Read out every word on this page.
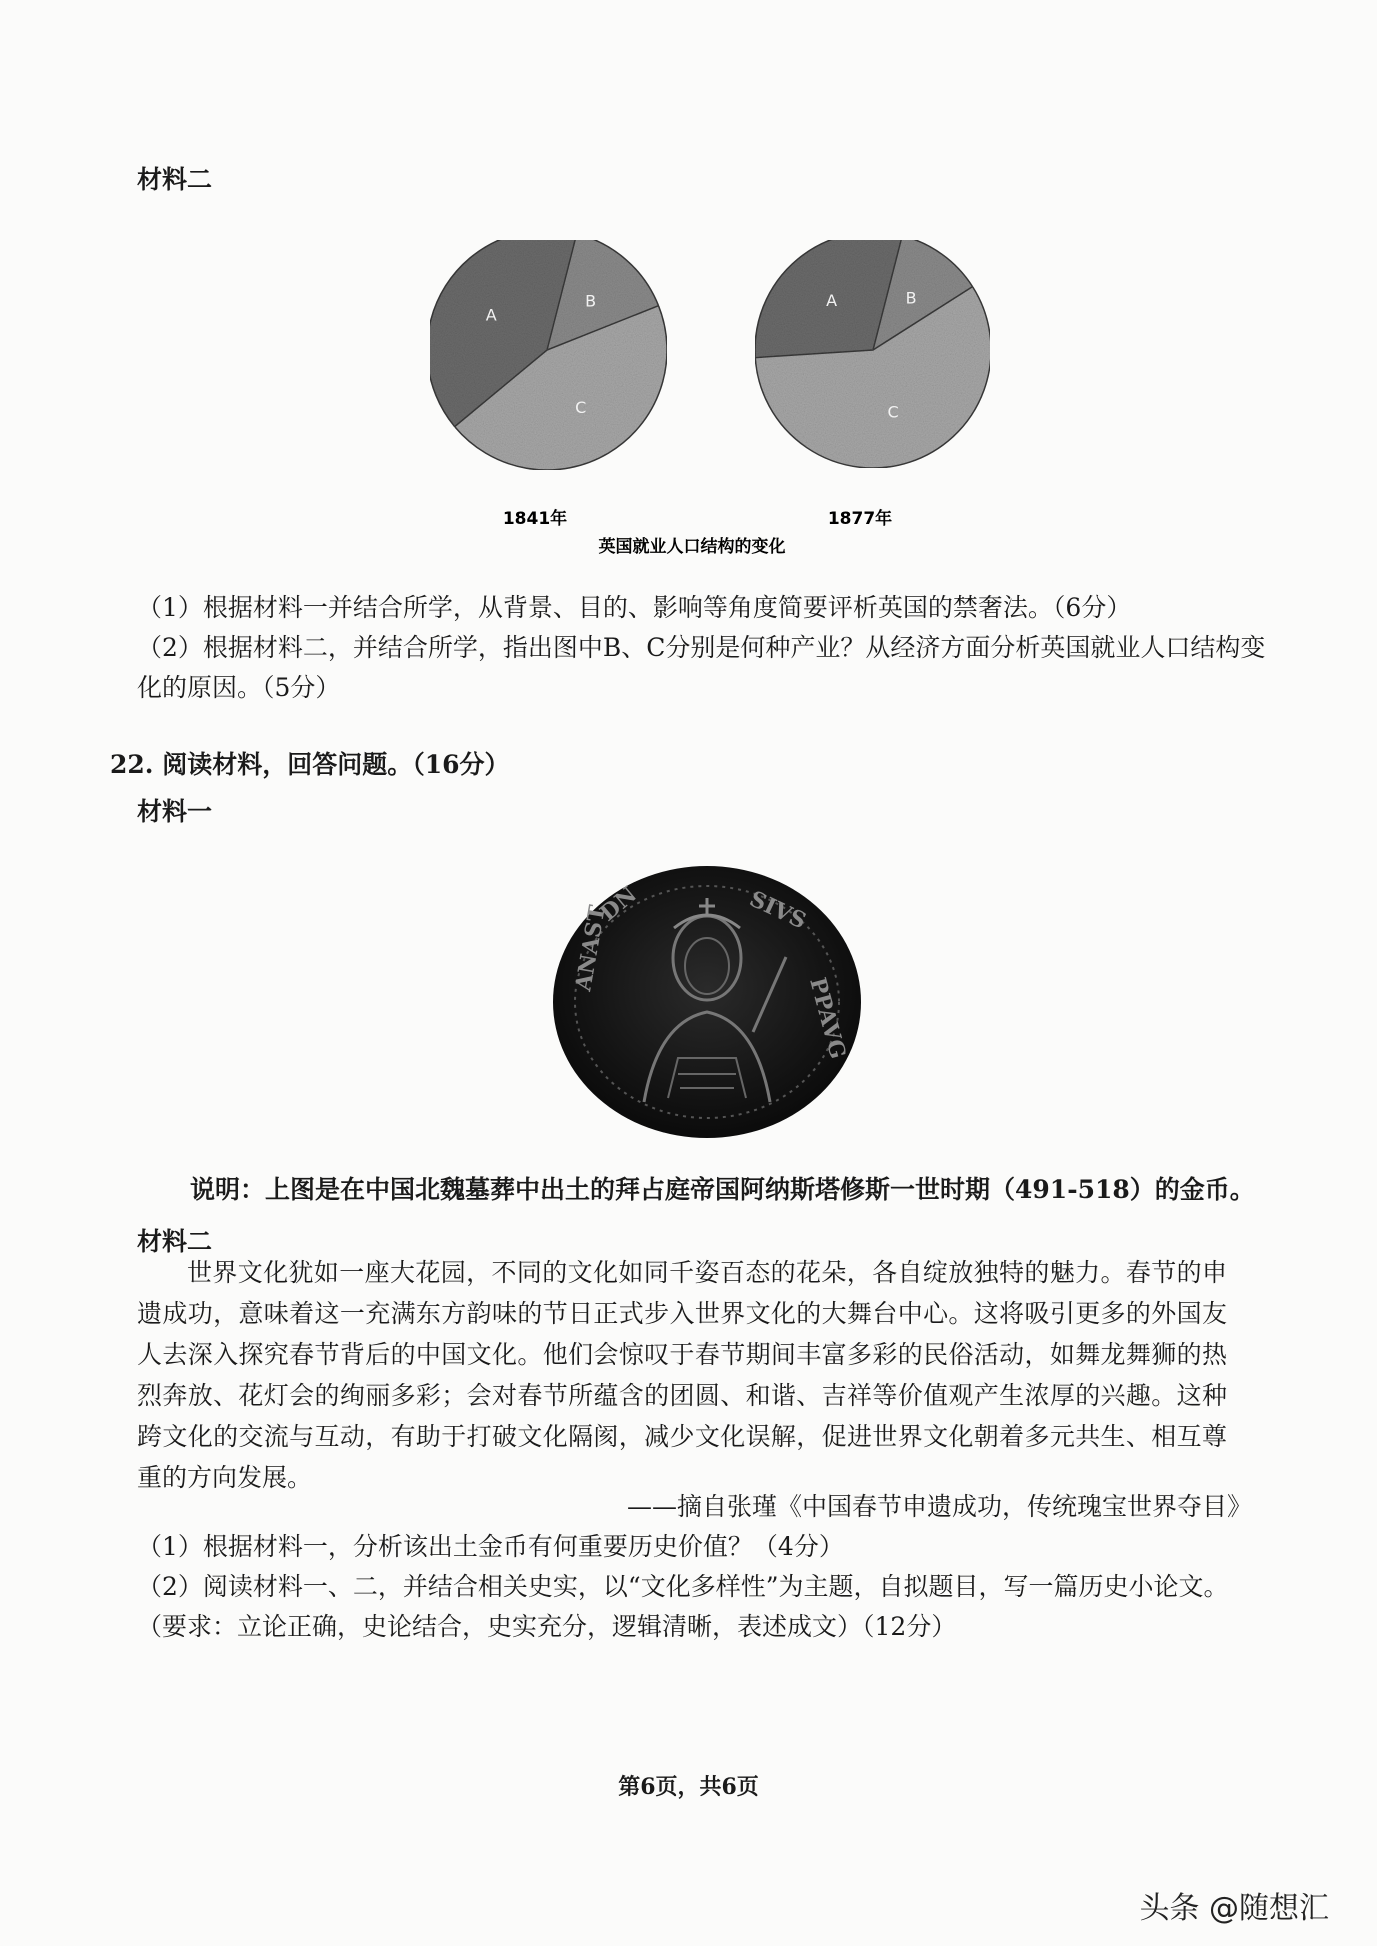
材料二
A
B
C
A	B
C
1841年	1877年
英国就业人口结构的变化
（1）根据材料一并结合所学，从背景、目的、影响等角度简要评析英国的禁奢法。（6分）
（2）根据材料二，并结合所学，指出图中B、C分别是何种产业？从经济方面分析英国就业人口结构变化的原因。（5分）
22. 阅读材料，回答问题。（16分）
材料一
DN
ANAST	SIVS
PPAVG
说明：上图是在中国北魏墓葬中出土的拜占庭帝国阿纳斯塔修斯一世时期（491-518）的金币。
材料二
世界文化犹如一座大花园，不同的文化如同千姿百态的花朵，各自绽放独特的魅力。春节的申遗成功，意味着这一充满东方韵味的节日正式步入世界文化的大舞台中心。这将吸引更多的外国友人去深入探究春节背后的中国文化。他们会惊叹于春节期间丰富多彩的民俗活动，如舞龙舞狮的热烈奔放、花灯会的绚丽多彩；会对春节所蕴含的团圆、和谐、吉祥等价值观产生浓厚的兴趣。这种跨文化的交流与互动，有助于打破文化隔阂，减少文化误解，促进世界文化朝着多元共生、相互尊重的方向发展。
——摘自张瑾《中国春节申遗成功，传统瑰宝世界夺目》
（1）根据材料一，分析该出土金币有何重要历史价值？（4分）
（2）阅读材料一、二，并结合相关史实，以“文化多样性”为主题，自拟题目，写一篇历史小论文。（要求：立论正确，史论结合，史实充分，逻辑清晰，表述成文）（12分）
第6页，共6页
头条 @随想汇
